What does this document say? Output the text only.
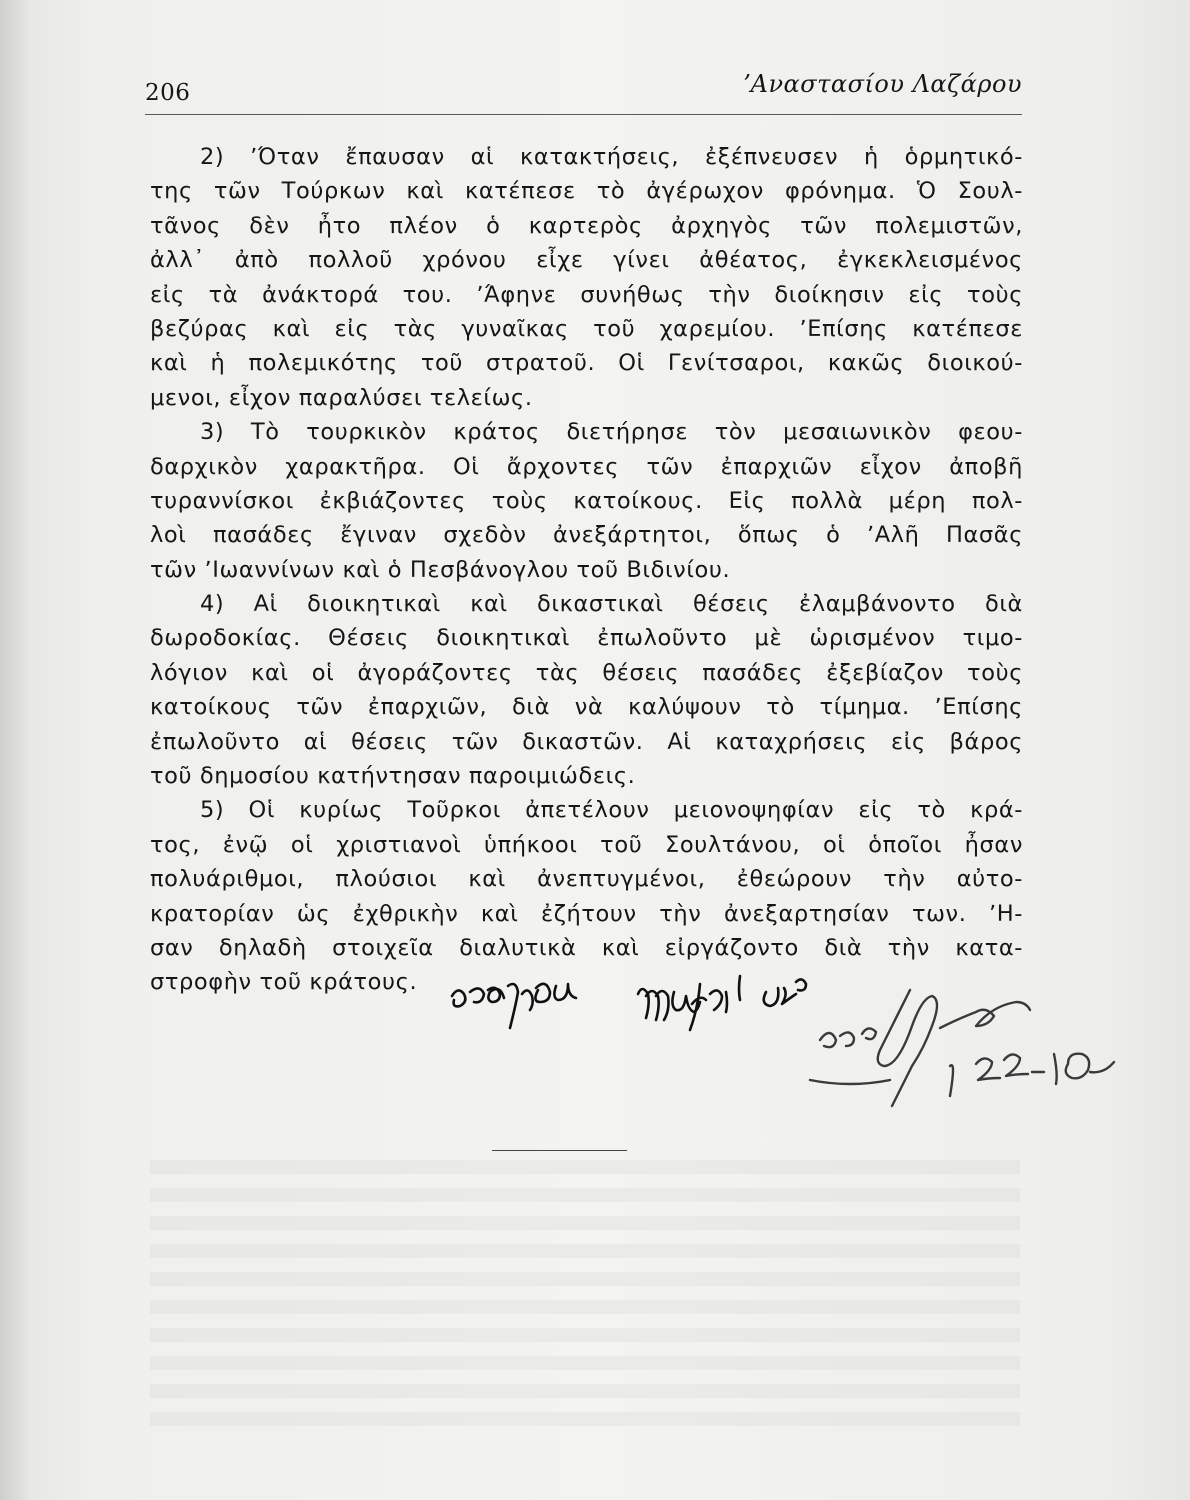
206	ʼΑναστασίου Λαζάρου
2) ʼΌταν ἔπαυσαν αἱ κατακτήσεις, ἐξέπνευσεν ἡ ὁρμητικό-
της τῶν Τούρκων καὶ κατέπεσε τὸ ἀγέρωχον φρόνημα. Ὁ Σουλ-
τᾶνος δὲν ἦτο πλέον ὁ καρτερὸς ἀρχηγὸς τῶν πολεμιστῶν,
ἀλλ᾿ ἀπὸ πολλοῦ χρόνου εἶχε γίνει ἀθέατος, ἐγκεκλεισμένος
εἰς τὰ ἀνάκτορά του. ʼΆφηνε συνήθως τὴν διοίκησιν εἰς τοὺς
βεζύρας καὶ εἰς τὰς γυναῖκας τοῦ χαρεμίου. ʼΕπίσης κατέπεσε
καὶ ἡ πολεμικότης τοῦ στρατοῦ. Οἱ Γενίτσαροι, κακῶς διοικού-
μενοι, εἶχον παραλύσει τελείως.
3) Τὸ τουρκικὸν κράτος διετήρησε τὸν μεσαιωνικὸν φεου-
δαρχικὸν χαρακτῆρα. Οἱ ἄρχοντες τῶν ἐπαρχιῶν εἶχον ἀποβῆ
τυραννίσκοι ἐκβιάζοντες τοὺς κατοίκους. Εἰς πολλὰ μέρη πολ-
λοὶ πασάδες ἔγιναν σχεδὸν ἀνεξάρτητοι, ὅπως ὁ ʼΑλῆ Πασᾶς
τῶν ʼΙωαννίνων καὶ ὁ Πεσβάνογλου τοῦ Βιδινίου.
4) Αἱ διοικητικαὶ καὶ δικαστικαὶ θέσεις ἐλαμβάνοντο διὰ
δωροδοκίας. Θέσεις διοικητικαὶ ἐπωλοῦντο μὲ ὡρισμένον τιμο-
λόγιον καὶ οἱ ἀγοράζοντες τὰς θέσεις πασάδες ἐξεβίαζον τοὺς
κατοίκους τῶν ἐπαρχιῶν, διὰ νὰ καλύψουν τὸ τίμημα. ʼΕπίσης
ἐπωλοῦντο αἱ θέσεις τῶν δικαστῶν. Αἱ καταχρήσεις εἰς βάρος
τοῦ δημοσίου κατήντησαν παροιμιώδεις.
5) Οἱ κυρίως Τοῦρκοι ἀπετέλουν μειονοψηφίαν εἰς τὸ κρά-
τος, ἐνῷ οἱ χριστιανοὶ ὑπήκοοι τοῦ Σουλτάνου, οἱ ὁποῖοι ἦσαν
πολυάριθμοι, πλούσιοι καὶ ἀνεπτυγμένοι, ἐθεώρουν τὴν αὐτο-
κρατορίαν ὡς ἐχθρικὴν καὶ ἐζήτουν τὴν ἀνεξαρτησίαν των. ʼΗ-
σαν δηλαδὴ στοιχεῖα διαλυτικὰ καὶ εἰργάζοντο διὰ τὴν κατα-
στροφὴν τοῦ κράτους.
